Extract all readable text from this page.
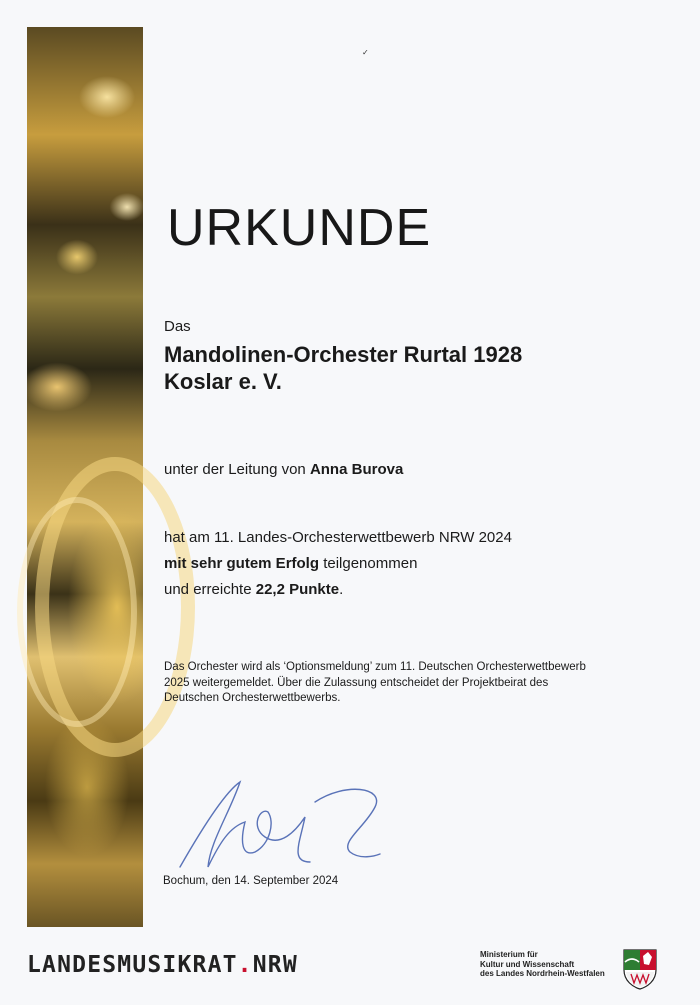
✓
URKUNDE
Das
Mandolinen-Orchester Rurtal 1928
Koslar e. V.
unter der Leitung von Anna Burova
hat am 11. Landes-Orchesterwettbewerb NRW 2024
mit sehr gutem Erfolg teilgenommen
und erreichte 22,2 Punkte.
Das Orchester wird als ‘Optionsmeldung’ zum 11. Deutschen Orchesterwettbewerb
2025 weitergemeldet. Über die Zulassung entscheidet der Projektbeirat des
Deutschen Orchesterwettbewerbs.
Bochum, den 14. September 2024
LANDESMUSIKRAT.NRW	Ministerium für
Kultur und Wissenschaft
des Landes Nordrhein-Westfalen
